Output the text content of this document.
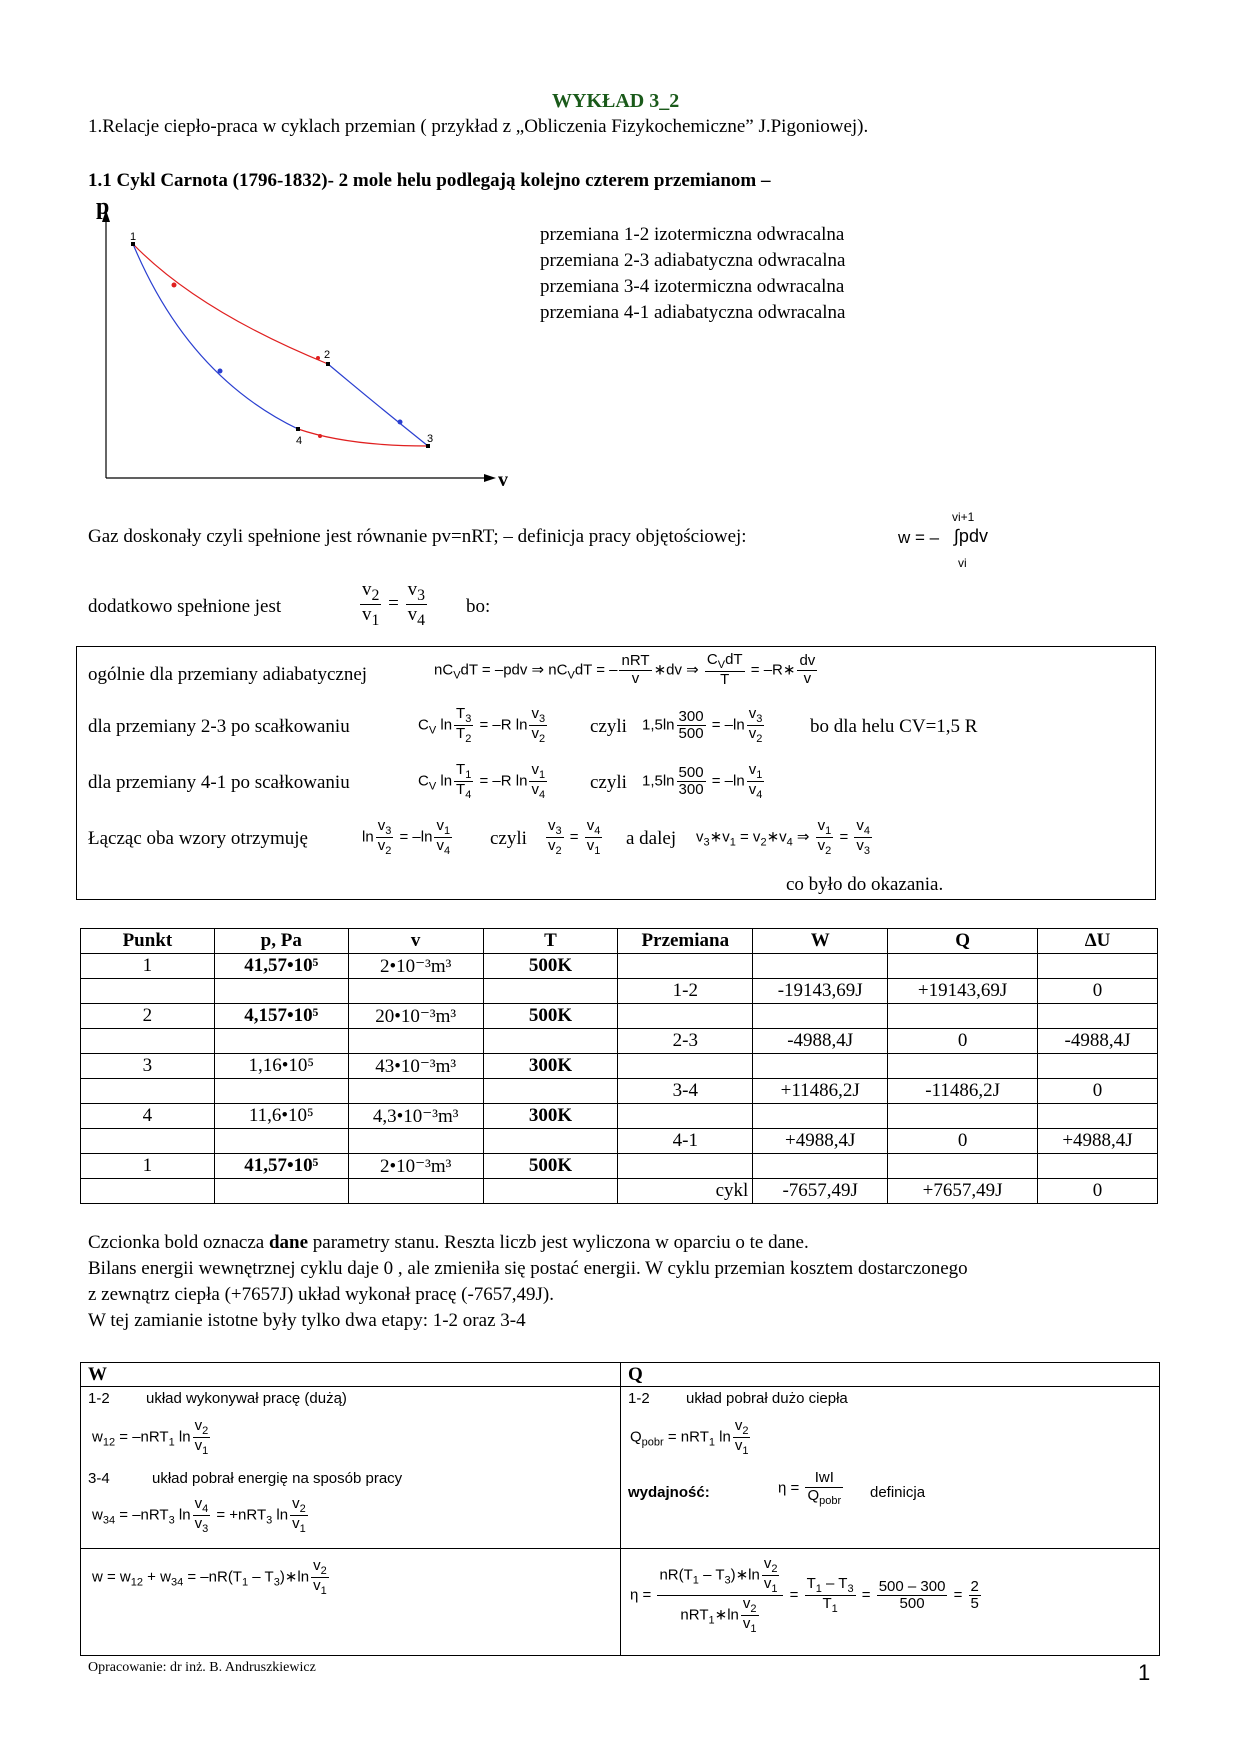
WYKŁAD 3_2
1.Relacje ciepło-praca w cyklach przemian ( przykład z „Obliczenia Fizykochemiczne” J.Pigoniowej).
1.1 Cykl Carnota (1796-1832)- 2 mole helu podlegają kolejno czterem przemianom –
p
v
1
2
3
4
przemiana 1-2 izotermiczna odwracalna
przemiana 2-3 adiabatyczna odwracalna
przemiana 3-4 izotermiczna odwracalna
przemiana 4-1 adiabatyczna odwracalna
Gaz doskonały czyli spełnione jest równanie pv=nRT; – definicja pracy objętościowej:	w = –
vi+1
∫pdv
vi
dodatkowo spełnione jest	$\frac{v_2}{v_1} = \frac{v_3}{v_4}$ bo:
ogólnie dla przemiany adiabatycznej	$nC_VdT = -pdv$ ⇒ $nC_VdT$ = – $\frac{\text{nRT}}{v}$ ∗dv ⇒ $\frac{C_VdT}{T}$ = –R∗ $\frac{dv}{v}$
dla przemiany 2-3 po scałkowaniu	$C_V$ $\ln \frac{T_3}{T_2} = -R$ $\ln \frac{v_3}{v_2}$ czyli $1,5\ln \frac{300}{500} = -\ln \frac{v_3}{v_2}$ bo dla helu CV=1,5 R
dla przemiany 4-1 po scałkowaniu	$C_V$ $\ln \frac{T_1}{T_4} = -R$ $\ln \frac{v_1}{v_4}$ czyli $1,5\ln \frac{500}{300} = -\ln \frac{v_1}{v_4}$
Łącząc oba wzory otrzymuję	$\ln \frac{v_3}{v_2} = -\ln \frac{v_1}{v_4}$ czyli $\frac{v_3}{v_2} = \frac{v_4}{v_1}$ a dalej $v_3∗v_1$ = $v_2∗v_4$ ⇒ $\frac{v_1}{v_2} = \frac{v_4}{v_3}$
co było do okazania.
Punkt	p, Pa	v	T	Przemiana	W	Q	ΔU
1	41,57•10⁵	2•10⁻³m³	500K				
				1-2	-19143,69J	+19143,69J	0
2	4,157•10⁵	20•10⁻³m³	500K				
				2-3	-4988,4J	0	-4988,4J
3	1,16•10⁵	43•10⁻³m³	300K				
				3-4	+11486,2J	-11486,2J	0
4	11,6•10⁵	4,3•10⁻³m³	300K				
				4-1	+4988,4J	0	+4988,4J
1	41,57•10⁵	2•10⁻³m³	500K				
				cykl	-7657,49J	+7657,49J	0
Czcionka bold oznacza dane parametry stanu. Reszta liczb jest wyliczona w oparciu o te dane.
Bilans energii wewnętrznej cyklu daje 0 , ale zmieniła się postać energii. W cyklu przemian kosztem dostarczonego
z zewnątrz ciepła (+7657J) układ wykonał pracę (-7657,49J).
W tej zamianie istotne były tylko dwa etapy: 1-2 oraz 3-4
W	Q
1-2 układ wykonywał pracę (dużą)
$w_{12} = -nRT_1$ $\ln \frac{v_2}{v_1}$
3-4	układ pobrał energię na sposób pracy
$w_{34} = -nRT_3$ $\ln \frac{v_4}{v_3} = +nRT_3$ $\ln \frac{v_2}{v_1}$
1-2 układ pobrał dużo ciepła
$Q_{pobr} = nRT_1$ $\ln \frac{v_2}{v_1}$
wydajność:	$\eta = \frac{\text{IwI}}{Q_{pobr}}$ definicja
$w = w_{12} + w_{34} = -nR(T_1$ – $T_3)∗\ln \frac{v_2}{v_1}$	$\eta = \frac{nR(T_1 - T_3)∗\ln \frac{v_2}{v_1}}{nRT_1∗\ln \frac{v_2}{v_1}} = \frac{T_1 - T_3}{T_1} = \frac{500 - 300}{500} = \frac{2}{5}$
Opracowanie: dr inż. B. Andruszkiewicz	1
